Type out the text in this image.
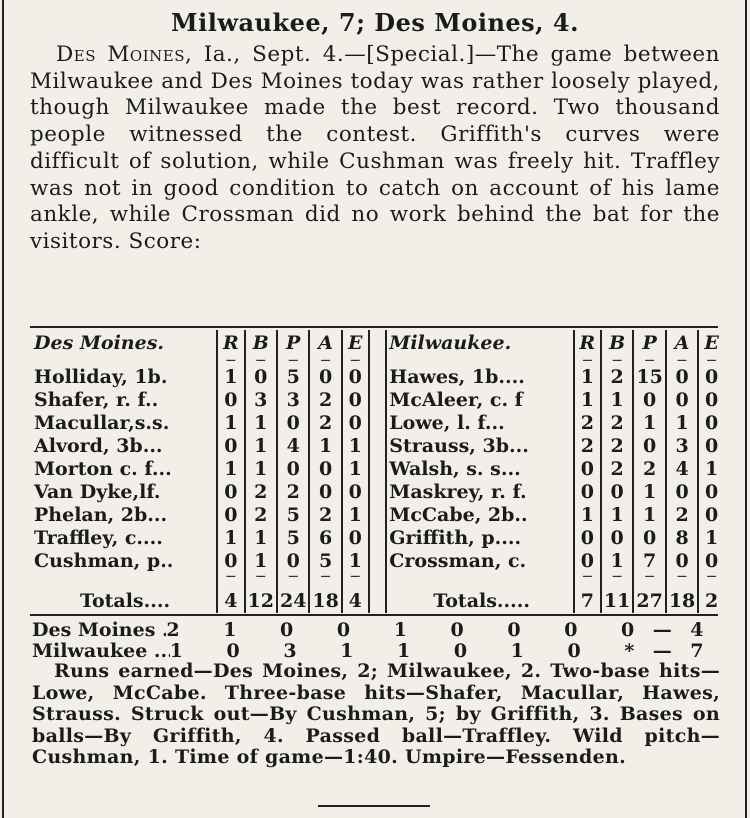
Milwaukee, 7; Des Moines, 4.
Des Moines, Ia., Sept. 4.—[Special.]—The game between Milwaukee and Des Moines today was rather loosely played, though Milwaukee made the best record. Two thousand people witnessed the contest. Griffith's curves were difficult of solution, while Cushman was freely hit. Traffley was not in good condition to catch on account of his lame ankle, while Crossman did no work behind the bat for the visitors. Score:
Des Moines.	R	B	P	A	E		Milwaukee.	R	B	P	A	E
	—	—	—	—	—			—	—	—	—	—
Holliday, 1b.	1	0	5	0	0		Hawes, 1b....	1	2	15	0	0
Shafer, r. f..	0	3	3	2	0		McAleer, c. f	1	1	0	0	0
Macullar,s.s.	1	1	0	2	0		Lowe, l. f...	2	2	1	1	0
Alvord, 3b...	0	1	4	1	1		Strauss, 3b...	2	2	0	3	0
Morton c. f...	1	1	0	0	1		Walsh, s. s...	0	2	2	4	1
Van Dyke,lf.	0	2	2	0	0		Maskrey, r. f.	0	0	1	0	0
Phelan, 2b...	0	2	5	2	1		McCabe, 2b..	1	1	1	2	0
Traffley, c....	1	1	5	6	0		Griffith, p....	0	0	0	8	1
Cushman, p..	0	1	0	5	1		Crossman, c.	0	1	7	0	0
	—	—	—	—	—			—	—	—	—	—
Totals....	4	12	24	18	4		Totals.....	7	11	27	18	2
Des Moines ..... 2 1 0 0 1 0 0 0 0—4
Milwaukee .....	1 0 3 1 1 0 1 0 *—7
Runs earned—Des Moines, 2; Milwaukee, 2. Two-base hits—Lowe, McCabe. Three-base hits—Shafer, Macullar, Hawes, Strauss. Struck out—By Cushman, 5; by Griffith, 3. Bases on balls—By Griffith, 4. Passed ball—Traffley. Wild pitch—Cushman, 1. Time of game—1:40. Umpire—Fessenden.
